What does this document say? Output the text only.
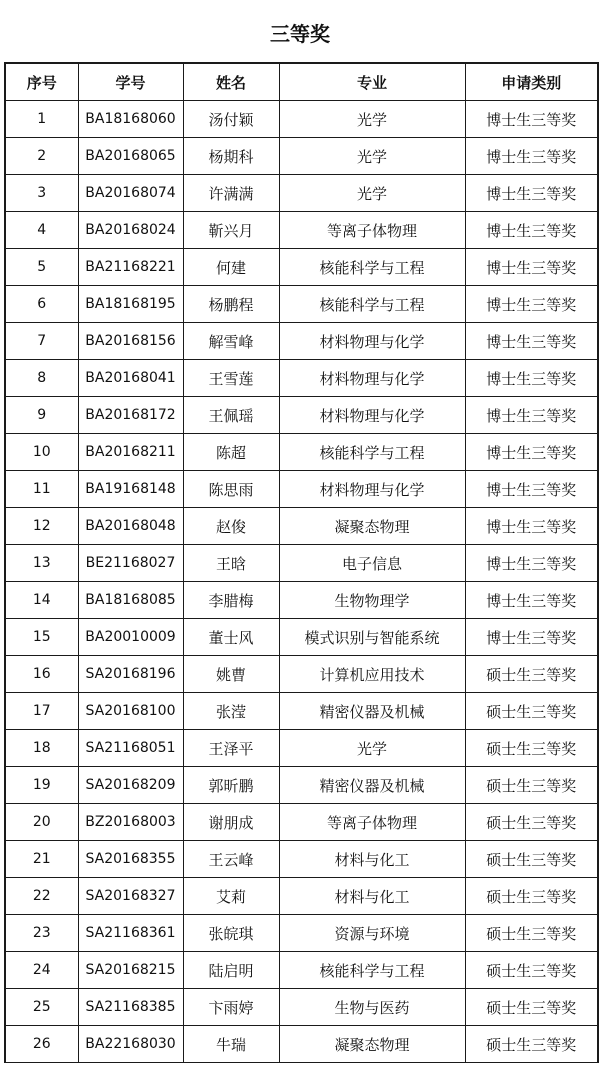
三等奖
序号	学号	姓名	专业	申请类别
1	BA18168060	汤付颖	光学	博士生三等奖
2	BA20168065	杨期科	光学	博士生三等奖
3	BA20168074	许满满	光学	博士生三等奖
4	BA20168024	靳兴月	等离子体物理	博士生三等奖
5	BA21168221	何建	核能科学与工程	博士生三等奖
6	BA18168195	杨鹏程	核能科学与工程	博士生三等奖
7	BA20168156	解雪峰	材料物理与化学	博士生三等奖
8	BA20168041	王雪莲	材料物理与化学	博士生三等奖
9	BA20168172	王佩瑶	材料物理与化学	博士生三等奖
10	BA20168211	陈超	核能科学与工程	博士生三等奖
11	BA19168148	陈思雨	材料物理与化学	博士生三等奖
12	BA20168048	赵俊	凝聚态物理	博士生三等奖
13	BE21168027	王晗	电子信息	博士生三等奖
14	BA18168085	李腊梅	生物物理学	博士生三等奖
15	BA20010009	董士风	模式识别与智能系统	博士生三等奖
16	SA20168196	姚曹	计算机应用技术	硕士生三等奖
17	SA20168100	张滢	精密仪器及机械	硕士生三等奖
18	SA21168051	王泽平	光学	硕士生三等奖
19	SA20168209	郭昕鹏	精密仪器及机械	硕士生三等奖
20	BZ20168003	谢朋成	等离子体物理	硕士生三等奖
21	SA20168355	王云峰	材料与化工	硕士生三等奖
22	SA20168327	艾莉	材料与化工	硕士生三等奖
23	SA21168361	张皖琪	资源与环境	硕士生三等奖
24	SA20168215	陆启明	核能科学与工程	硕士生三等奖
25	SA21168385	卞雨婷	生物与医药	硕士生三等奖
26	BA22168030	牛瑞	凝聚态物理	硕士生三等奖
